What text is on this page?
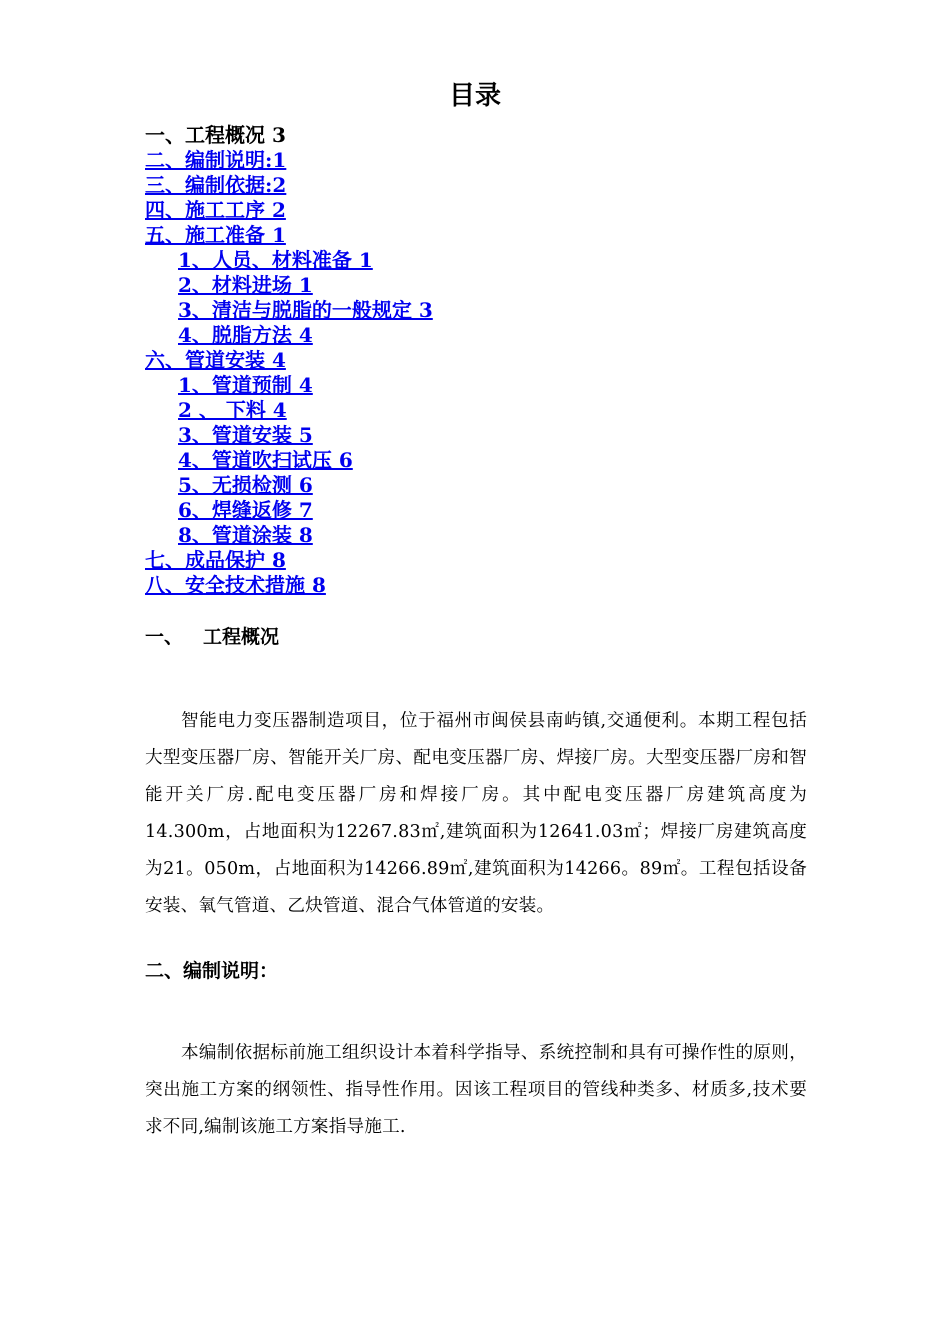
目录
一、工程概况 3
二、编制说明:1
三、编制依据:2
四、施工工序 2
五、施工准备 1
1、人员、材料准备 1
2、材料进场 1
3、清洁与脱脂的一般规定 3
4、脱脂方法 4
六、管道安装 4
1、管道预制 4
2 、 下料 4
3、管道安装 5
4、管道吹扫试压 6
5、无损检测 6
6、焊缝返修 7
8、管道涂装 8
七、成品保护 8
八、安全技术措施 8
一、 工程概况

智能电力变压器制造项目，位于福州市闽侯县南屿镇,交通便利。本期工程包括大型变压器厂房、智能开关厂房、配电变压器厂房、焊接厂房。大型变压器厂房和智能开关厂房.配电变压器厂房和焊接厂房。其中配电变压器厂房建筑高度为14.300m，占地面积为12267.83㎡,建筑面积为12641.03㎡；焊接厂房建筑高度为21。050m，占地面积为14266.89㎡,建筑面积为14266。89㎡。工程包括设备安装、氧气管道、乙炔管道、混合气体管道的安装。

二、编制说明：

本编制依据标前施工组织设计本着科学指导、系统控制和具有可操作性的原则，突出施工方案的纲领性、指导性作用。因该工程项目的管线种类多、材质多,技术要求不同,编制该施工方案指导施工.
